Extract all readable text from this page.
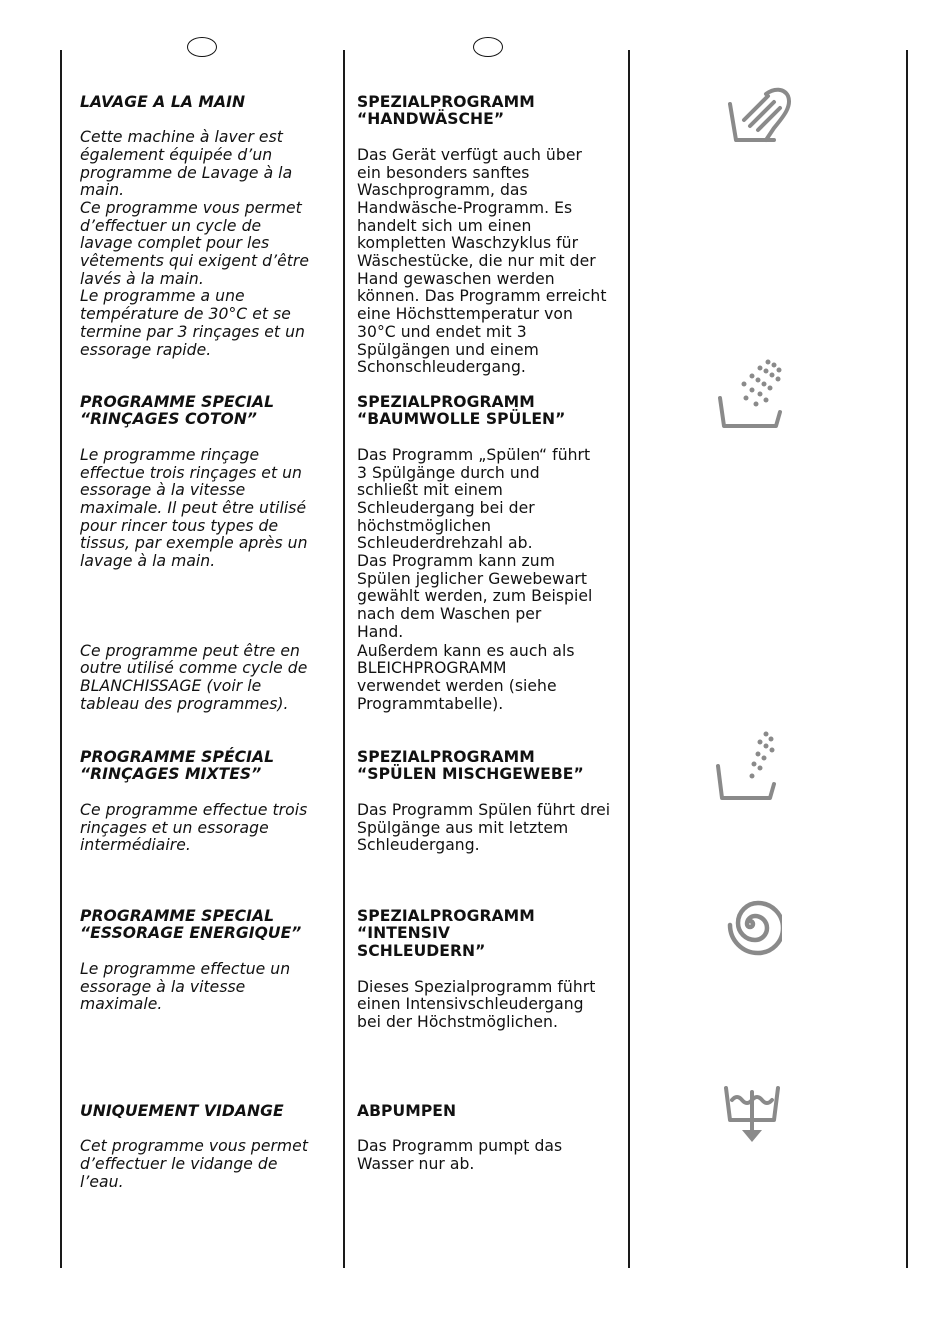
LAVAGE A LA MAIN

Cette machine à laver est
également équipée d’un
programme de Lavage à la
main.
Ce programme vous permet
d’effectuer un cycle de
lavage complet pour les
vêtements qui exigent d’être
lavés à la main.
Le programme a une
température de 30°C et se
termine par 3 rinçages et un
essorage rapide.

SPEZIALPROGRAMM
“HANDWÄSCHE”

Das Gerät verfügt auch über
ein besonders sanftes
Waschprogramm, das
Handwäsche-Programm. Es
handelt sich um einen
kompletten Waschzyklus für
Wäschestücke, die nur mit der
Hand gewaschen werden
können. Das Programm erreicht
eine Höchsttemperatur von
30°C und endet mit 3
Spülgängen und einem
Schonschleudergang.

PROGRAMME SPECIAL
“RINÇAGES COTON”

Le programme rinçage
effectue trois rinçages et un
essorage à la vitesse
maximale. Il peut être utilisé
pour rincer tous types de
tissus, par exemple après un
lavage à la main.

SPEZIALPROGRAMM
“BAUMWOLLE SPÜLEN”

Das Programm „Spülen“ führt
3 Spülgänge durch und
schließt mit einem
Schleudergang bei der
höchstmöglichen
Schleuderdrehzahl ab.
Das Programm kann zum
Spülen jeglicher Gewebewart
gewählt werden, zum Beispiel
nach dem Waschen per
Hand.

Ce programme peut être en
outre utilisé comme cycle de
BLANCHISSAGE (voir le
tableau des programmes).

Außerdem kann es auch als
BLEICHPROGRAMM
verwendet werden (siehe
Programmtabelle).

PROGRAMME SPÉCIAL
“RINÇAGES MIXTES”

Ce programme effectue trois
rinçages et un essorage
intermédiaire.

SPEZIALPROGRAMM
“SPÜLEN MISCHGEWEBE”

Das Programm Spülen führt drei
Spülgänge aus mit letztem
Schleudergang.

PROGRAMME SPECIAL
“ESSORAGE ENERGIQUE”

Le programme effectue un
essorage à la vitesse
maximale.

SPEZIALPROGRAMM “INTENSIV
SCHLEUDERN”

Dieses Spezialprogramm führt
einen Intensivschleudergang
bei der Höchstmöglichen.

UNIQUEMENT VIDANGE

Cet programme vous permet
d’effectuer le vidange de
l’eau.

ABPUMPEN

Das Programm pumpt das
Wasser nur ab.
